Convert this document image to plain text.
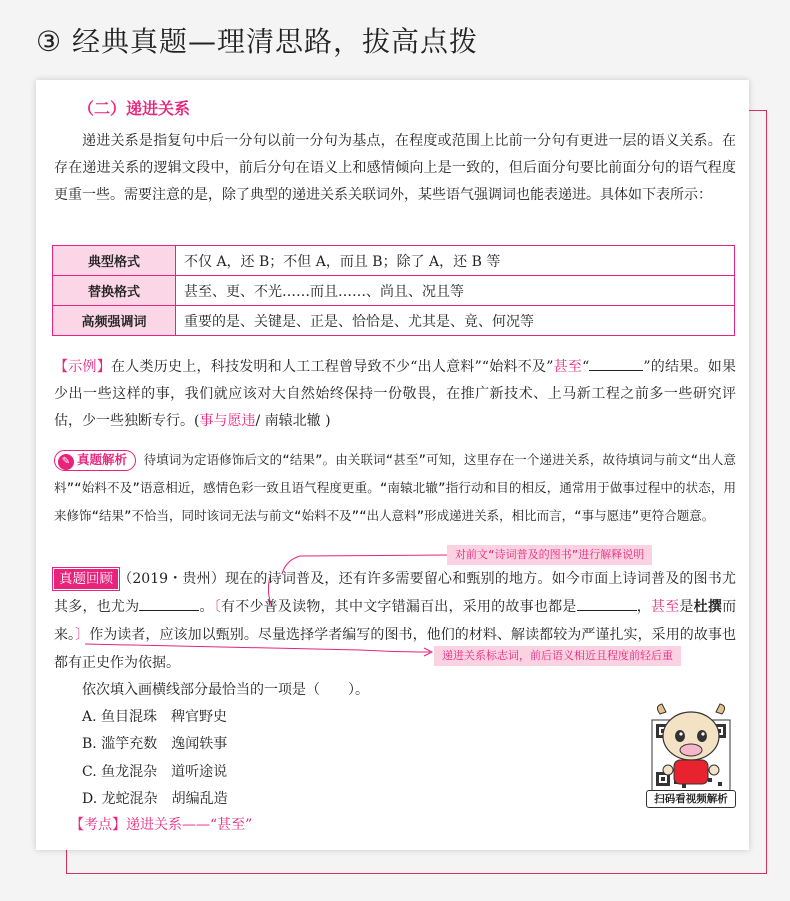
③ 经典真题—理清思路，拔高点拨
（二）递进关系
递进关系是指复句中后一分句以前一分句为基点，在程度或范围上比前一分句有更进一层的语义关系。在存在递进关系的逻辑文段中，前后分句在语义上和感情倾向上是一致的，但后面分句要比前面分句的语气程度更重一些。需要注意的是，除了典型的递进关系关联词外，某些语气强调词也能表递进。具体如下表所示：
典型格式	不仅 A，还 B；不但 A，而且 B；除了 A，还 B 等
替换格式	甚至、更、不光……而且……、尚且、况且等
高频强调词	重要的是、关键是、正是、恰恰是、尤其是、竟、何况等
【示例】在人类历史上，科技发明和人工工程曾导致不少“出人意料”“始料不及”甚至“	”的结果。如果少出一些这样的事，我们就应该对大自然始终保持一份敬畏，在推广新技术、上马新工程之前多一些研究评估，少一些独断专行。(事与愿违/ 南辕北辙 )
✎ 真题解析 待填词为定语修饰后文的“结果”。由关联词“甚至”可知，这里存在一个递进关系，故待填词与前文“出人意料”“始料不及”语意相近，感情色彩一致且语气程度更重。“南辕北辙”指行动和目的相反，通常用于做事过程中的状态，用来修饰“结果”不恰当，同时该词无法与前文“始料不及”“出人意料”形成递进关系，相比而言，“事与愿违”更符合题意。
对前文“诗词普及的图书”进行解释说明
递进关系标志词，前后语义相近且程度前轻后重
真题回顾 （2019・贵州）现在的诗词普及，还有许多需要留心和甄别的地方。如今市面上诗词普及的图书尤其多，也尤为	。〔有不少普及读物，其中文字错漏百出，采用的故事也都是	，甚至是杜撰而来。〕作为读者，应该加以甄别。尽量选择学者编写的图书，他们的材料、解读都较为严谨扎实，采用的故事也都有正史作为依据。
依次填入画横线部分最恰当的一项是（　　）。
A. 鱼目混珠　稗官野史
B. 滥竽充数　逸闻轶事
C. 鱼龙混杂　道听途说
D. 龙蛇混杂　胡编乱造
【考点】递进关系——“甚至”
扫码看视频解析
